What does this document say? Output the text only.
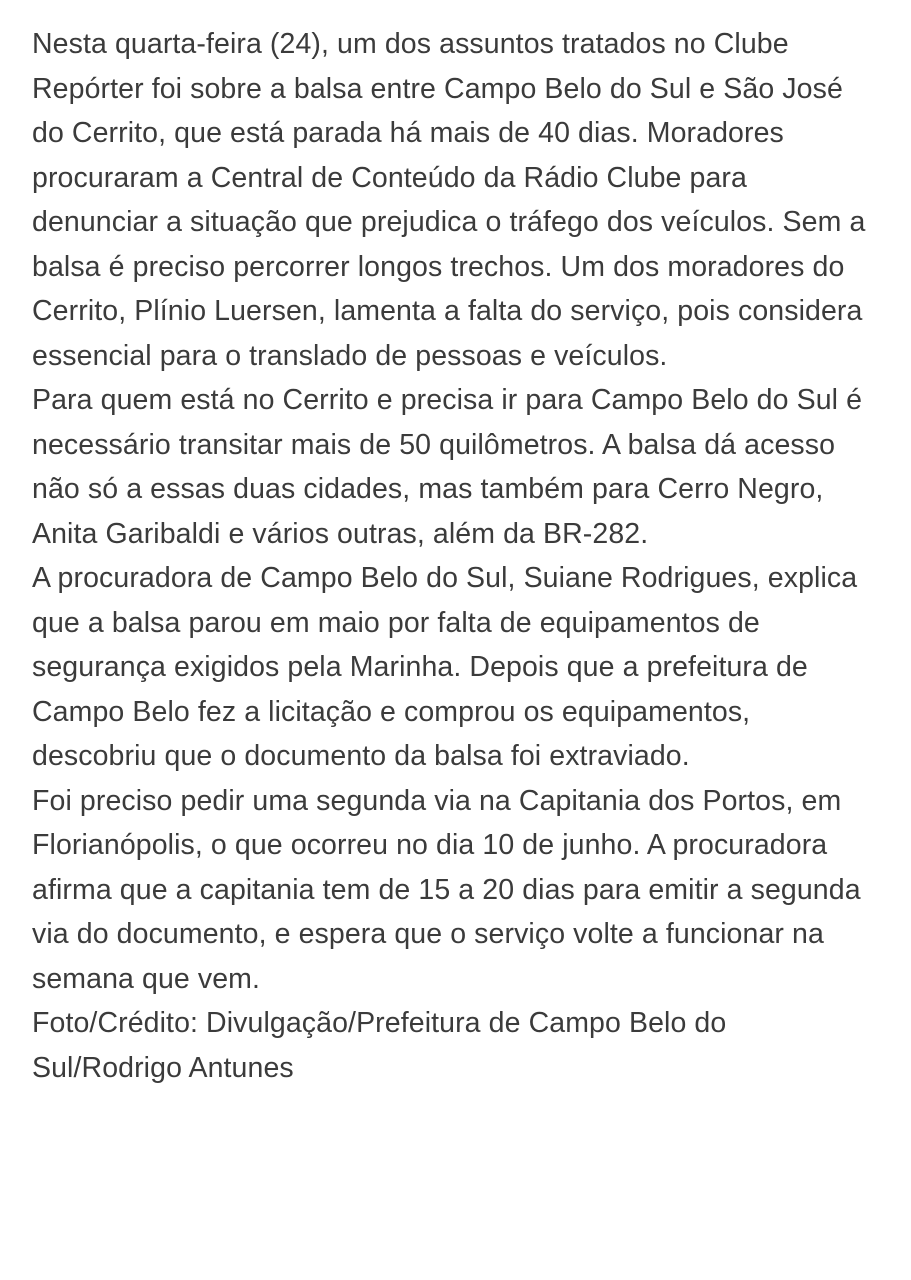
Nesta quarta-feira (24), um dos assuntos tratados no Clube Repórter foi sobre a balsa entre Campo Belo do Sul e São José do Cerrito, que está parada há mais de 40 dias. Moradores procuraram a Central de Conteúdo da Rádio Clube para denunciar a situação que prejudica o tráfego dos veículos. Sem a balsa é preciso percorrer longos trechos. Um dos moradores do Cerrito, Plínio Luersen, lamenta a falta do serviço, pois considera essencial para o translado de pessoas e veículos.

Para quem está no Cerrito e precisa ir para Campo Belo do Sul é necessário transitar mais de 50 quilômetros. A balsa dá acesso não só a essas duas cidades, mas também para Cerro Negro, Anita Garibaldi e vários outras, além da BR-282.

A procuradora de Campo Belo do Sul, Suiane Rodrigues, explica que a balsa parou em maio por falta de equipamentos de segurança exigidos pela Marinha. Depois que a prefeitura de Campo Belo fez a licitação e comprou os equipamentos, descobriu que o documento da balsa foi extraviado.

Foi preciso pedir uma segunda via na Capitania dos Portos, em Florianópolis, o que ocorreu no dia 10 de junho. A procuradora afirma que a capitania tem de 15 a 20 dias para emitir a segunda via do documento, e espera que o serviço volte a funcionar na semana que vem.

Foto/Crédito: Divulgação/Prefeitura de Campo Belo do Sul/Rodrigo Antunes
